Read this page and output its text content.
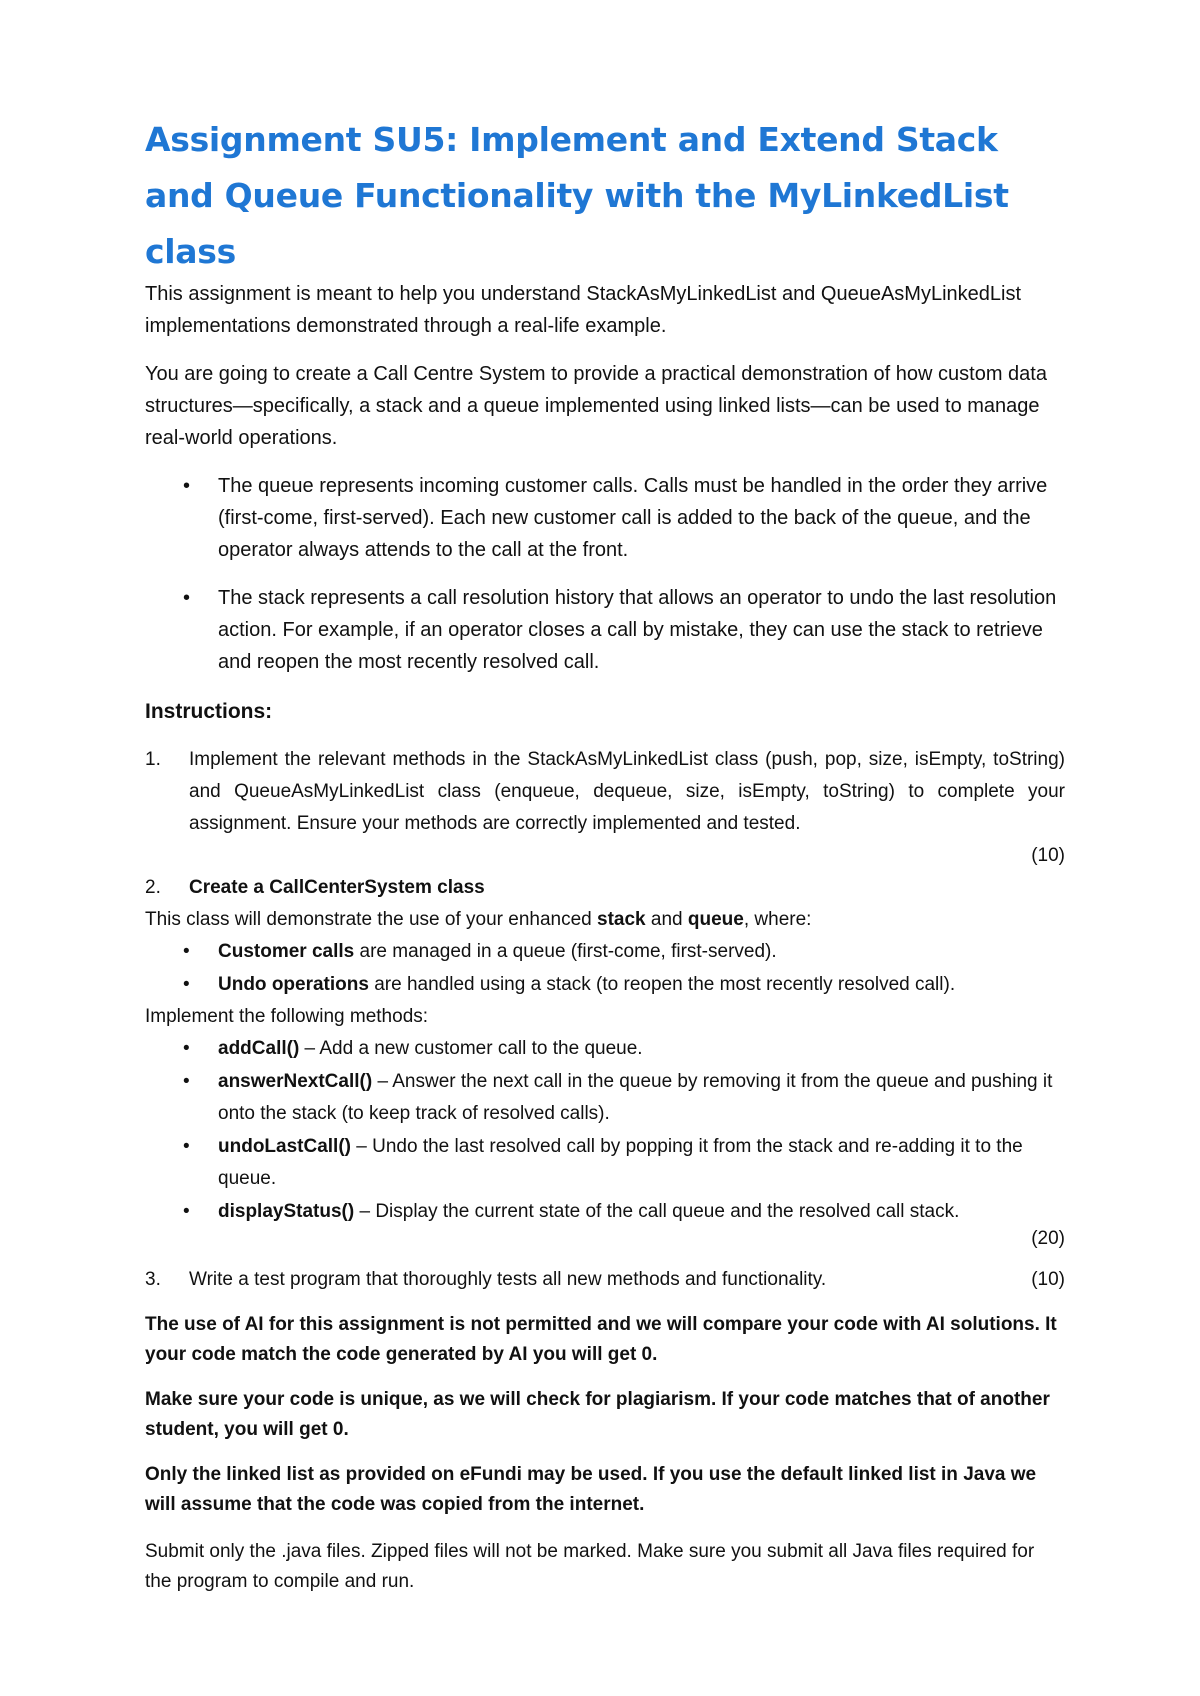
Assignment SU5: Implement and Extend Stack and Queue Functionality with the MyLinkedList class

This assignment is meant to help you understand StackAsMyLinkedList and QueueAsMyLinkedList implementations demonstrated through a real-life example.

You are going to create a Call Centre System to provide a practical demonstration of how custom data structures—specifically, a stack and a queue implemented using linked lists—can be used to manage real-world operations.

• The queue represents incoming customer calls. Calls must be handled in the order they arrive (first-come, first-served). Each new customer call is added to the back of the queue, and the operator always attends to the call at the front.
• The stack represents a call resolution history that allows an operator to undo the last resolution action. For example, if an operator closes a call by mistake, they can use the stack to retrieve and reopen the most recently resolved call.
Instructions:
1. Implement the relevant methods in the StackAsMyLinkedList class (push, pop, size, isEmpty, toString) and QueueAsMyLinkedList class (enqueue, dequeue, size, isEmpty, toString) to complete your assignment. Ensure your methods are correctly implemented and tested.
(10)
2. Create a CallCenterSystem class
This class will demonstrate the use of your enhanced stack and queue, where:
• Customer calls are managed in a queue (first-come, first-served).
• Undo operations are handled using a stack (to reopen the most recently resolved call).
Implement the following methods:
• addCall() – Add a new customer call to the queue.
• answerNextCall() – Answer the next call in the queue by removing it from the queue and pushing it onto the stack (to keep track of resolved calls).
• undoLastCall() – Undo the last resolved call by popping it from the stack and re-adding it to the queue.
• displayStatus() – Display the current state of the call queue and the resolved call stack.
(20)
3. Write a test program that thoroughly tests all new methods and functionality.	(10)

The use of AI for this assignment is not permitted and we will compare your code with AI solutions. It your code match the code generated by AI you will get 0.

Make sure your code is unique, as we will check for plagiarism. If your code matches that of another student, you will get 0.

Only the linked list as provided on eFundi may be used. If you use the default linked list in Java we will assume that the code was copied from the internet.

Submit only the .java files. Zipped files will not be marked. Make sure you submit all Java files required for the program to compile and run.
